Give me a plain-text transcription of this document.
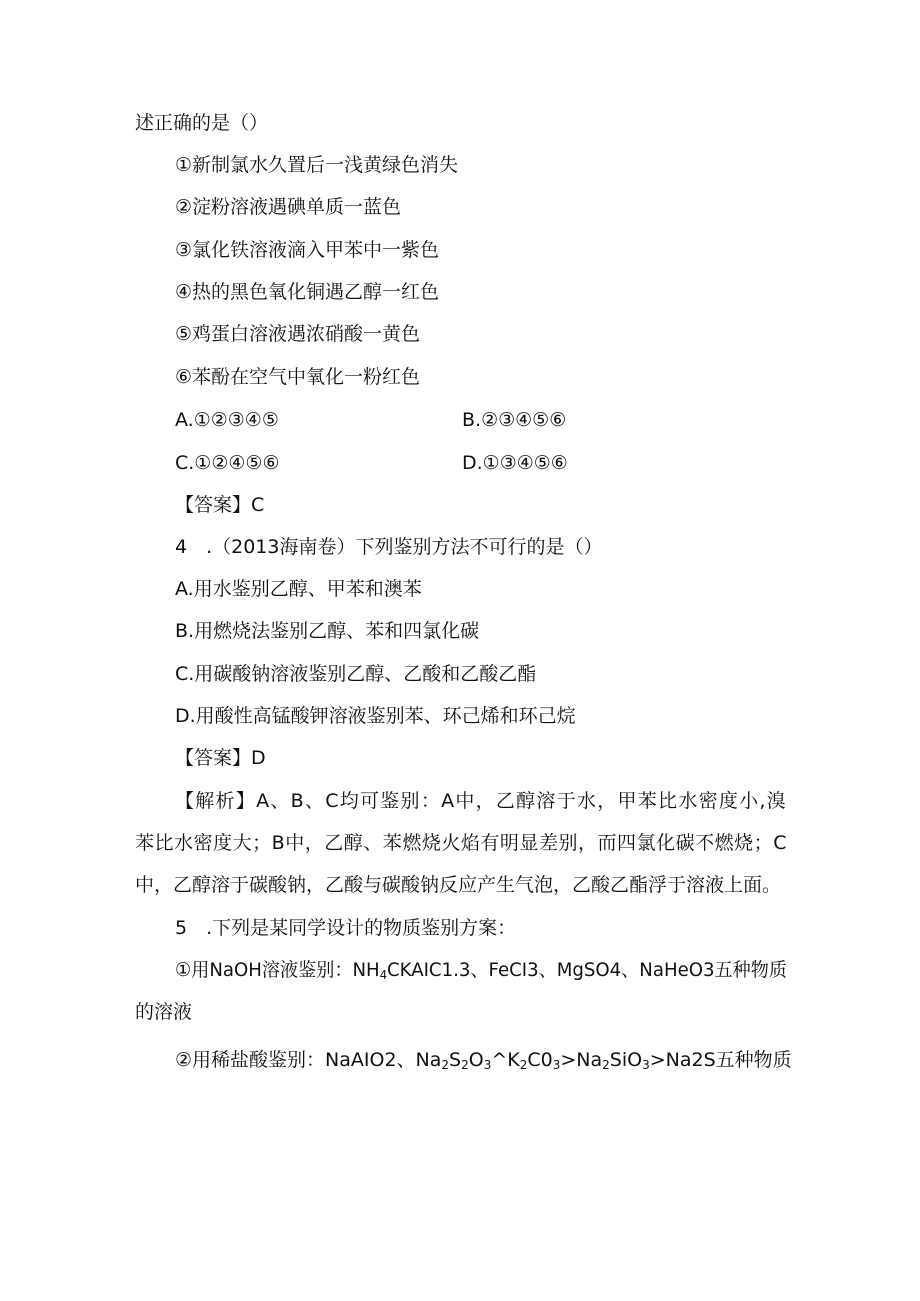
述正确的是（）
①新制氯水久置后一浅黄绿色消失
②淀粉溶液遇碘单质一蓝色
③氯化铁溶液滴入甲苯中一紫色
④热的黑色氧化铜遇乙醇一红色
⑤鸡蛋白溶液遇浓硝酸一黄色
⑥苯酚在空气中氧化一粉红色
A.①②③④⑤	B.②③④⑤⑥
C.①②④⑤⑥	D.①③④⑤⑥
【答案】C
4　.（2013海南卷）下列鉴别方法不可行的是（）
A.用水鉴别乙醇、甲苯和澳苯
B.用燃烧法鉴别乙醇、苯和四氯化碳
C.用碳酸钠溶液鉴别乙醇、乙酸和乙酸乙酯
D.用酸性高锰酸钾溶液鉴别苯、环己烯和环己烷
【答案】D
【解析】A、B、C均可鉴别：A中，乙醇溶于水，甲苯比水密度小,溴
苯比水密度大；B中，乙醇、苯燃烧火焰有明显差别，而四氯化碳不燃烧；C
中，乙醇溶于碳酸钠，乙酸与碳酸钠反应产生气泡，乙酸乙酯浮于溶液上面。
5　.下列是某同学设计的物质鉴别方案：
①用NaOH溶液鉴别：$NH_4CKAIC1.3$、FeCI3、MgSO4、NaHeO3五种物质
的溶液
②用稀盐酸鉴别：NaAIO2、$Na_2S_2O_3\^{}K_2C0_3>Na_2SiO_3>Na2S$五种物质
